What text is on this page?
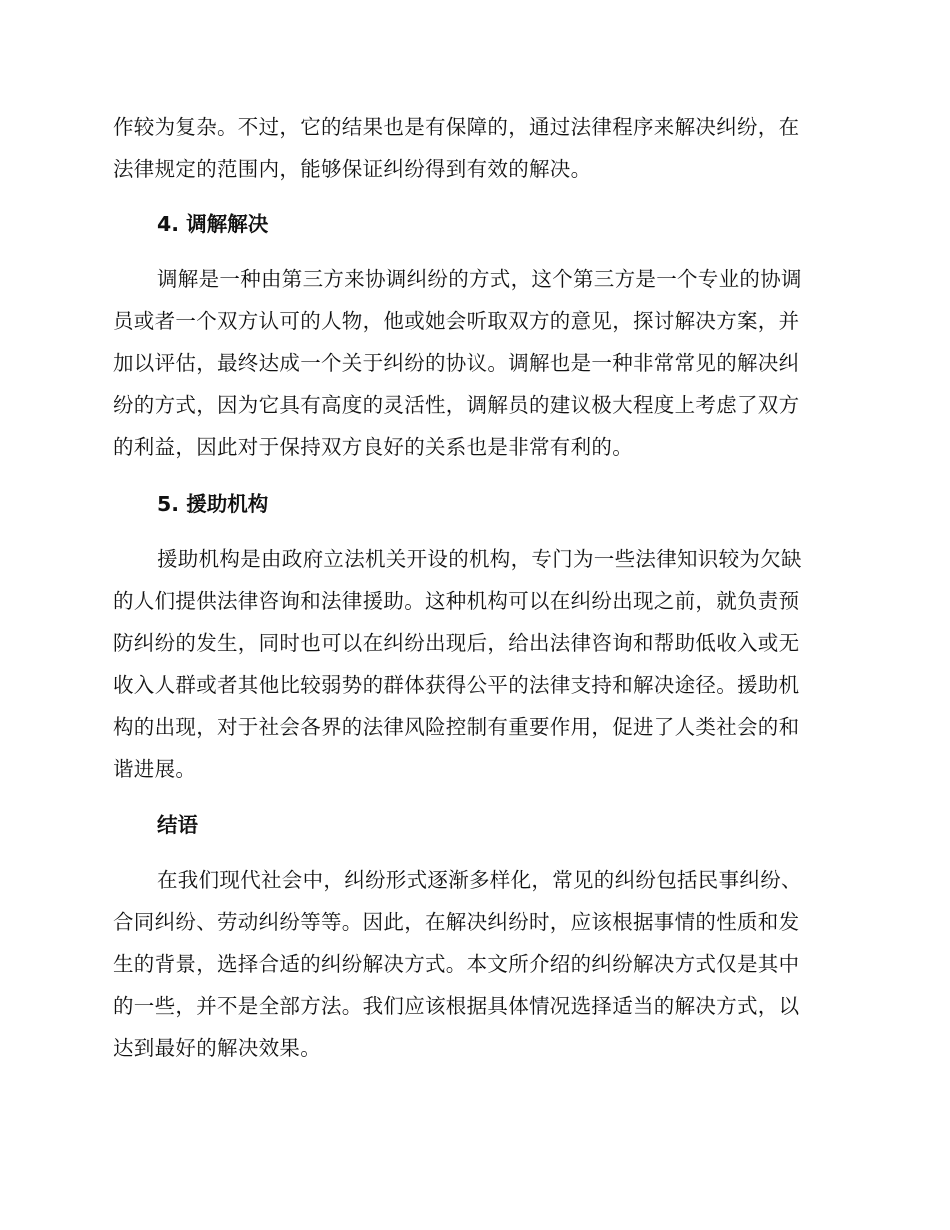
作较为复杂。不过，它的结果也是有保障的，通过法律程序来解决纠纷，在
法律规定的范围内，能够保证纠纷得到有效的解决。

4. 调解解决

调解是一种由第三方来协调纠纷的方式，这个第三方是一个专业的协调
员或者一个双方认可的人物，他或她会听取双方的意见，探讨解决方案，并
加以评估，最终达成一个关于纠纷的协议。调解也是一种非常常见的解决纠
纷的方式，因为它具有高度的灵活性，调解员的建议极大程度上考虑了双方
的利益，因此对于保持双方良好的关系也是非常有利的。

5. 援助机构

援助机构是由政府立法机关开设的机构，专门为一些法律知识较为欠缺
的人们提供法律咨询和法律援助。这种机构可以在纠纷出现之前，就负责预
防纠纷的发生，同时也可以在纠纷出现后，给出法律咨询和帮助低收入或无
收入人群或者其他比较弱势的群体获得公平的法律支持和解决途径。援助机
构的出现，对于社会各界的法律风险控制有重要作用，促进了人类社会的和
谐进展。

结语

在我们现代社会中，纠纷形式逐渐多样化，常见的纠纷包括民事纠纷、
合同纠纷、劳动纠纷等等。因此，在解决纠纷时，应该根据事情的性质和发
生的背景，选择合适的纠纷解决方式。本文所介绍的纠纷解决方式仅是其中
的一些，并不是全部方法。我们应该根据具体情况选择适当的解决方式，以
达到最好的解决效果。
